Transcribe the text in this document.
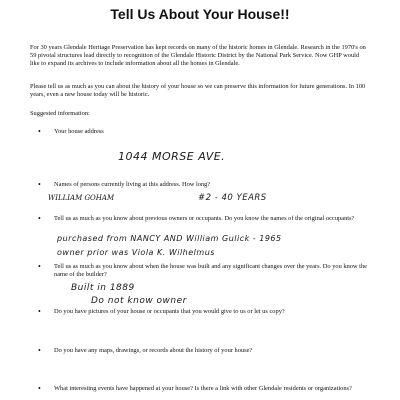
Tell Us About Your House!!
For 30 years Glendale Heritage Preservation has kept records on many of the historic homes in Glendale. Research in the 1970's on 59 pivotal structures lead directly to recognition of the Glendale Historic District by the National Park Service. Now GHP would like to expand its archives to include information about all the homes in Glendale.
Please tell us as much as you can about the history of your house so we can preserve this information for future generations. In 100 years, even a new house today will be historic.
Suggested information:
• Your house address
1044 MORSE AVE.
• Names of persons currently living at this address. How long?
WILLIAM GOHAM	#2 - 40 YEARS
• Tell us as much as you know about previous owners or occupants. Do you know the names of the original occupants?
purchased from NANCY AND William Gulick - 1965
owner prior was Viola K. Wilhelmus
• Tell us as much as you know about when the house was built and any significant changes over the years. Do you know the name of the builder?
Built in 1889
Do not know owner
• Do you have pictures of your house or occupants that you would give to us or let us copy?
• Do you have any maps, drawings, or records about the history of your house?
• What interesting events have happened at your house? Is there a link with other Glendale residents or organizations?
